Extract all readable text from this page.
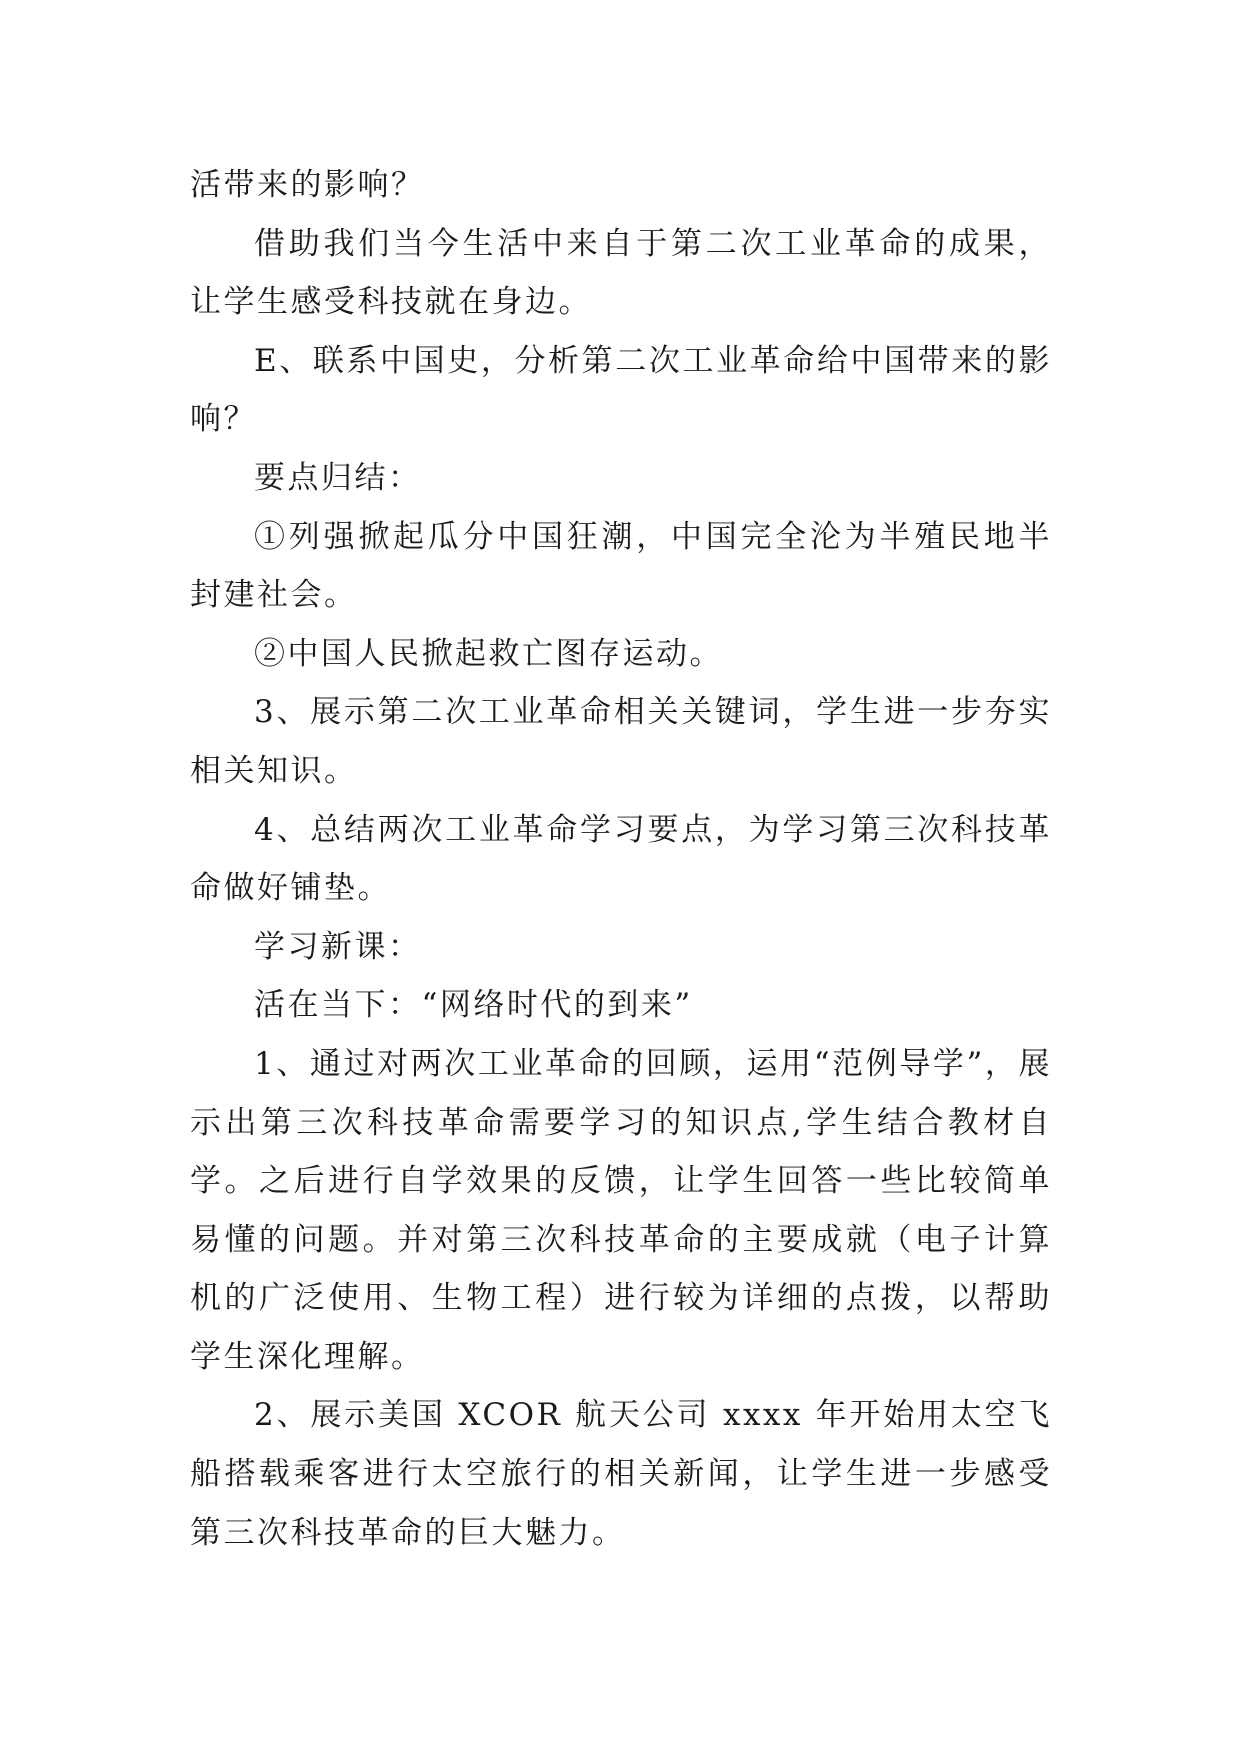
活带来的影响？

借助我们当今生活中来自于第二次工业革命的成果，让学生感受科技就在身边。

E、联系中国史，分析第二次工业革命给中国带来的影响？

要点归结：

①列强掀起瓜分中国狂潮，中国完全沦为半殖民地半封建社会。

②中国人民掀起救亡图存运动。

3、展示第二次工业革命相关关键词，学生进一步夯实相关知识。

4、总结两次工业革命学习要点，为学习第三次科技革命做好铺垫。

学习新课：

活在当下：“网络时代的到来”

1、通过对两次工业革命的回顾，运用“范例导学”，展示出第三次科技革命需要学习的知识点,学生结合教材自学。之后进行自学效果的反馈，让学生回答一些比较简单易懂的问题。并对第三次科技革命的主要成就（电子计算机的广泛使用、生物工程）进行较为详细的点拨，以帮助学生深化理解。

2、展示美国 XCOR 航天公司 xxxx 年开始用太空飞船搭载乘客进行太空旅行的相关新闻，让学生进一步感受第三次科技革命的巨大魅力。
